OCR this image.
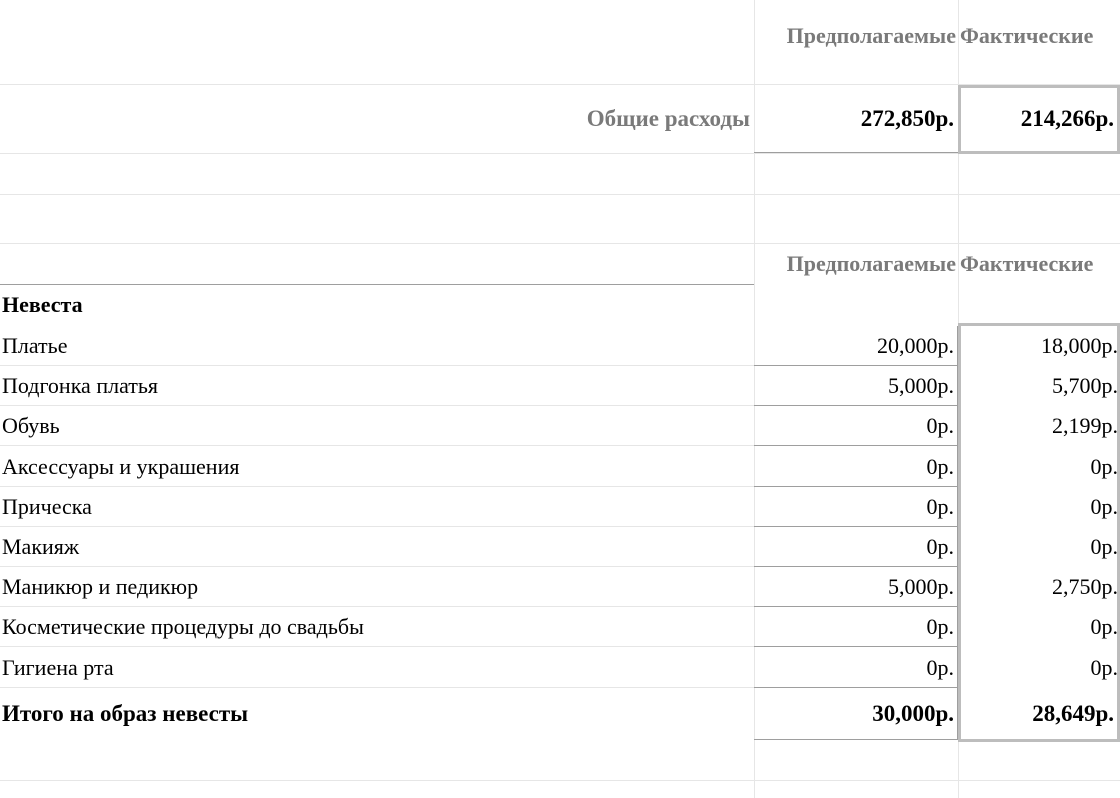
Предполагаемые Фактические
Общие расходы	272,850р.	214,266р.
Предполагаемые Фактические
Невеста
Платье	20,000р.	18,000р.
Подгонка платья	5,000р.	5,700р.
Обувь	0р.	2,199р.
Аксессуары и украшения	0р.	0р.
Прическа	0р.	0р.
Макияж	0р.	0р.
Маникюр и педикюр	5,000р.	2,750р.
Косметические процедуры до свадьбы	0р.	0р.
Гигиена рта	0р.	0р.
Итого на образ невесты	30,000р.	28,649р.
